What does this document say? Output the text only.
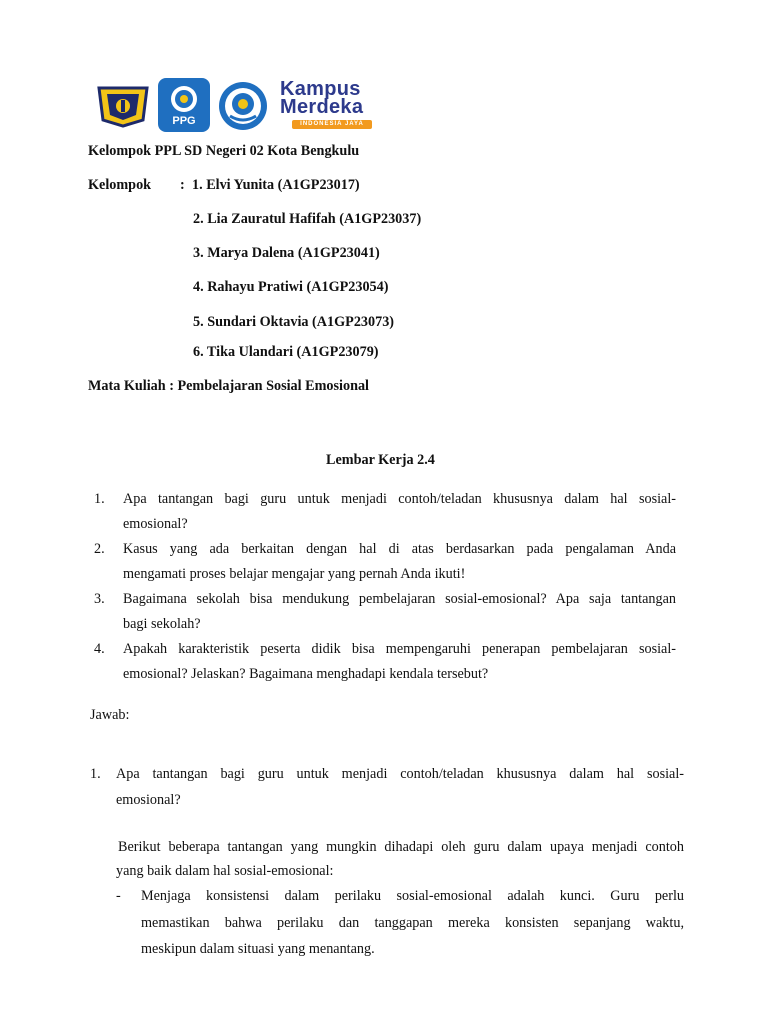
PPG
Kampus
Merdeka
INDONESIA JAYA
Kelompok PPL SD Negeri 02 Kota Bengkulu
Kelompok : 1. Elvi Yunita (A1GP23017)
2. Lia Zauratul Hafifah (A1GP23037)
3. Marya Dalena (A1GP23041)
4. Rahayu Pratiwi (A1GP23054)
5. Sundari Oktavia (A1GP23073)
6. Tika Ulandari (A1GP23079)
Mata Kuliah : Pembelajaran Sosial Emosional
Lembar Kerja 2.4
1. Apa tantangan bagi guru untuk menjadi contoh/teladan khususnya dalam hal sosial-
emosional?
2. Kasus yang ada berkaitan dengan hal di atas berdasarkan pada pengalaman Anda
mengamati proses belajar mengajar yang pernah Anda ikuti!
3. Bagaimana sekolah bisa mendukung pembelajaran sosial-emosional? Apa saja tantangan
bagi sekolah?
4. Apakah karakteristik peserta didik bisa mempengaruhi penerapan pembelajaran sosial-
emosional? Jelaskan? Bagaimana menghadapi kendala tersebut?
Jawab:
1. Apa tantangan bagi guru untuk menjadi contoh/teladan khususnya dalam hal sosial-
emosional?
Berikut beberapa tantangan yang mungkin dihadapi oleh guru dalam upaya menjadi contoh
yang baik dalam hal sosial-emosional:
- Menjaga konsistensi dalam perilaku sosial-emosional adalah kunci. Guru perlu
memastikan bahwa perilaku dan tanggapan mereka konsisten sepanjang waktu,
meskipun dalam situasi yang menantang.
